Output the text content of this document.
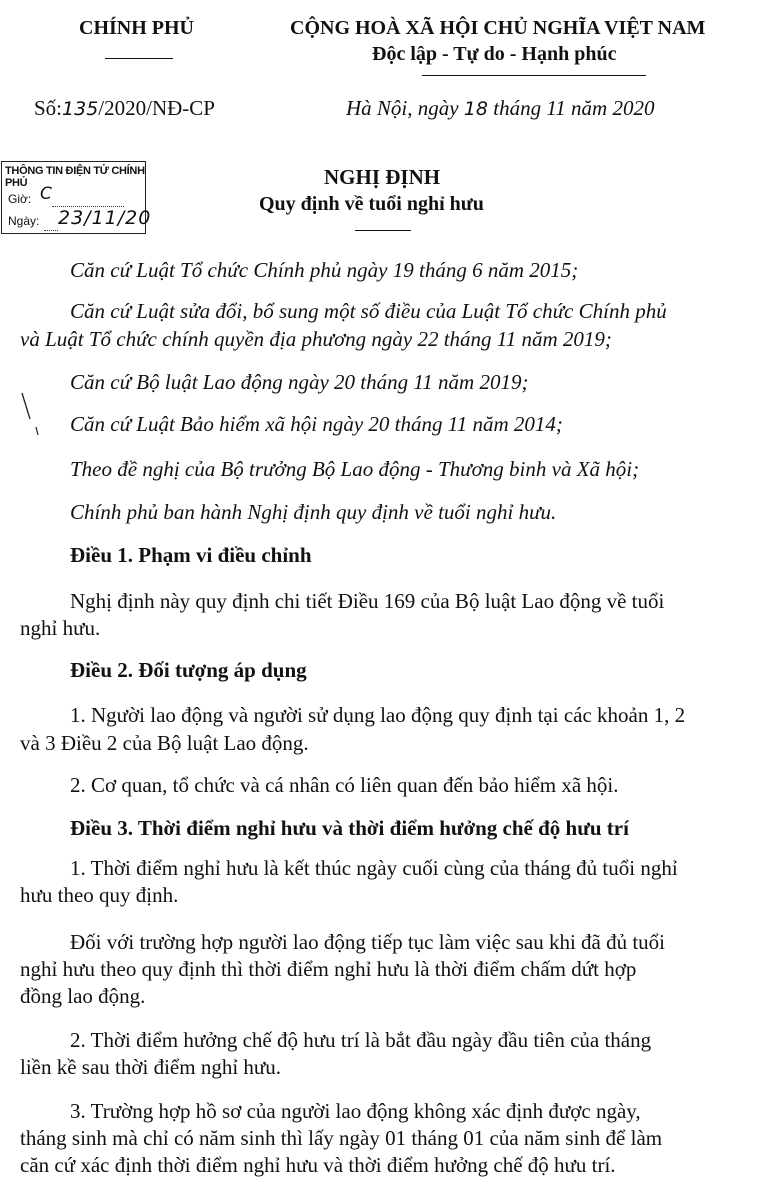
CHÍNH PHỦ	CỘNG HOÀ XÃ HỘI CHỦ NGHĨA VIỆT NAM
Độc lập - Tự do - Hạnh phúc
Số:135/2020/NĐ-CP	Hà Nội, ngày 18 tháng 11 năm 2020
THÔNG TIN ĐIỆN TỬ CHÍNH PHỦ
Giờ: C
Ngày: 23/11/20
NGHỊ ĐỊNH
Quy định về tuổi nghỉ hưu
Căn cứ Luật Tổ chức Chính phủ ngày 19 tháng 6 năm 2015;
Căn cứ Luật sửa đổi, bổ sung một số điều của Luật Tổ chức Chính phủ
và Luật Tổ chức chính quyền địa phương ngày 22 tháng 11 năm 2019;
Căn cứ Bộ luật Lao động ngày 20 tháng 11 năm 2019;
Căn cứ Luật Bảo hiểm xã hội ngày 20 tháng 11 năm 2014;
Theo đề nghị của Bộ trưởng Bộ Lao động - Thương binh và Xã hội;
Chính phủ ban hành Nghị định quy định về tuổi nghỉ hưu.
Điều 1. Phạm vi điều chỉnh
Nghị định này quy định chi tiết Điều 169 của Bộ luật Lao động về tuổi
nghỉ hưu.
Điều 2. Đối tượng áp dụng
1. Người lao động và người sử dụng lao động quy định tại các khoản 1, 2
và 3 Điều 2 của Bộ luật Lao động.
2. Cơ quan, tổ chức và cá nhân có liên quan đến bảo hiểm xã hội.
Điều 3. Thời điểm nghỉ hưu và thời điểm hưởng chế độ hưu trí
1. Thời điểm nghỉ hưu là kết thúc ngày cuối cùng của tháng đủ tuổi nghỉ
hưu theo quy định.
Đối với trường hợp người lao động tiếp tục làm việc sau khi đã đủ tuổi
nghỉ hưu theo quy định thì thời điểm nghỉ hưu là thời điểm chấm dứt hợp
đồng lao động.
2. Thời điểm hưởng chế độ hưu trí là bắt đầu ngày đầu tiên của tháng
liền kề sau thời điểm nghỉ hưu.
3. Trường hợp hồ sơ của người lao động không xác định được ngày,
tháng sinh mà chỉ có năm sinh thì lấy ngày 01 tháng 01 của năm sinh để làm
căn cứ xác định thời điểm nghỉ hưu và thời điểm hưởng chế độ hưu trí.
